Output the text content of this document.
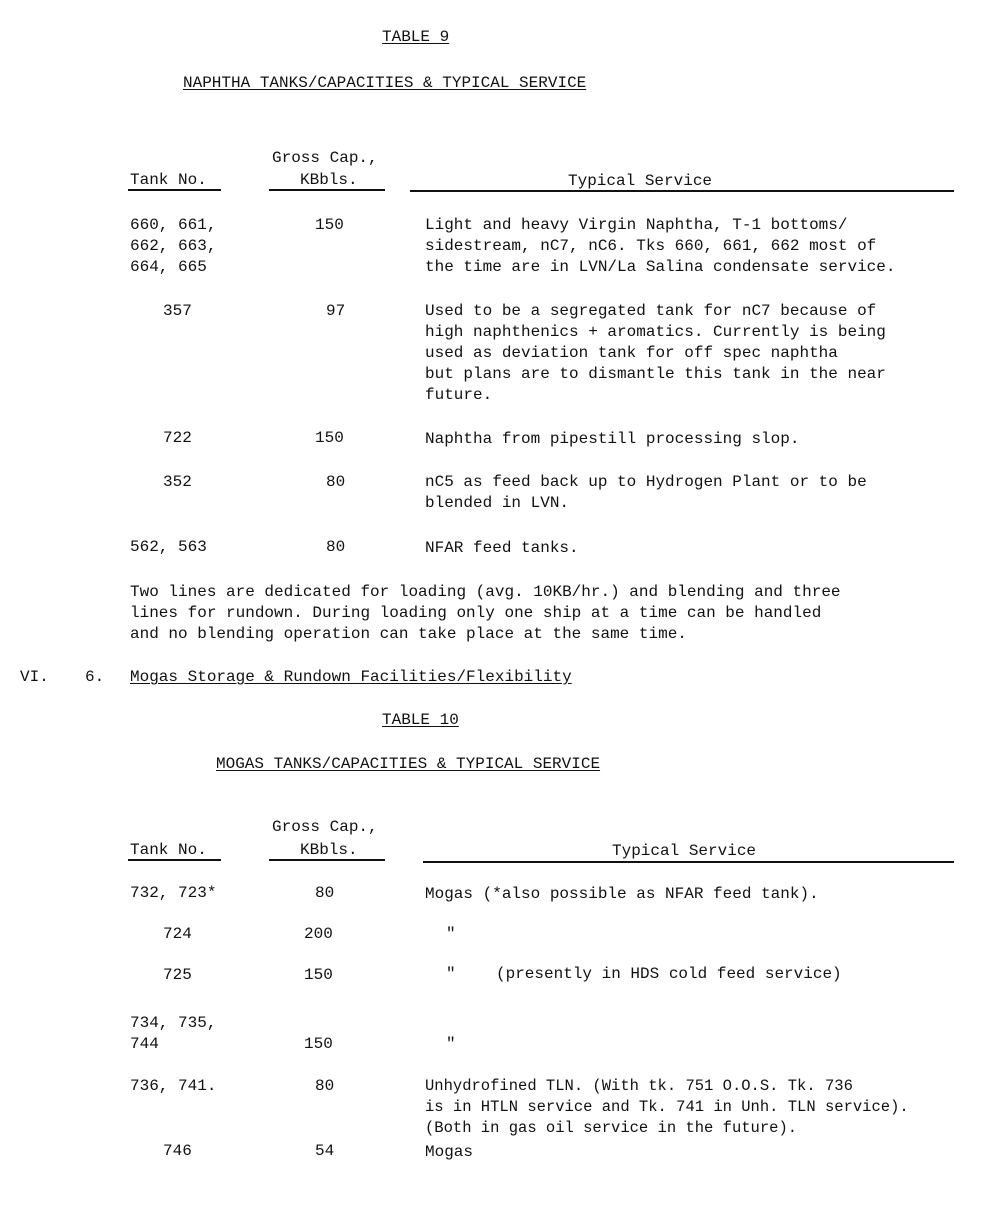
TABLE 9
NAPHTHA TANKS/CAPACITIES & TYPICAL SERVICE
Gross Cap.,
Tank No.	KBbls.	Typical Service
660, 661,
662, 663,
664, 665
150	Light and heavy Virgin Naphtha, T-1 bottoms/
sidestream, nC7, nC6. Tks 660, 661, 662 most of
the time are in LVN/La Salina condensate service.
357	97	Used to be a segregated tank for nC7 because of
high naphthenics + aromatics. Currently is being
used as deviation tank for off spec naphtha
but plans are to dismantle this tank in the near
future.
722	150	Naphtha from pipestill processing slop.
352	80	nC5 as feed back up to Hydrogen Plant or to be
blended in LVN.
562, 563	80	NFAR feed tanks.
Two lines are dedicated for loading (avg. 10KB/hr.) and blending and three
lines for rundown. During loading only one ship at a time can be handled
and no blending operation can take place at the same time.
VI. 6. Mogas Storage & Rundown Facilities/Flexibility
TABLE 10
MOGAS TANKS/CAPACITIES & TYPICAL SERVICE
Gross Cap.,
Tank No.	KBbls.	Typical Service
732, 723*	80	Mogas (*also possible as NFAR feed tank).
724	200	"
725	150	"	(presently in HDS cold feed service)
734, 735,
744	150	"
736, 741.	80	Unhydrofined TLN. (With tk. 751 O.O.S. Tk. 736
is in HTLN service and Tk. 741 in Unh. TLN service).
(Both in gas oil service in the future).
746	54	Mogas
